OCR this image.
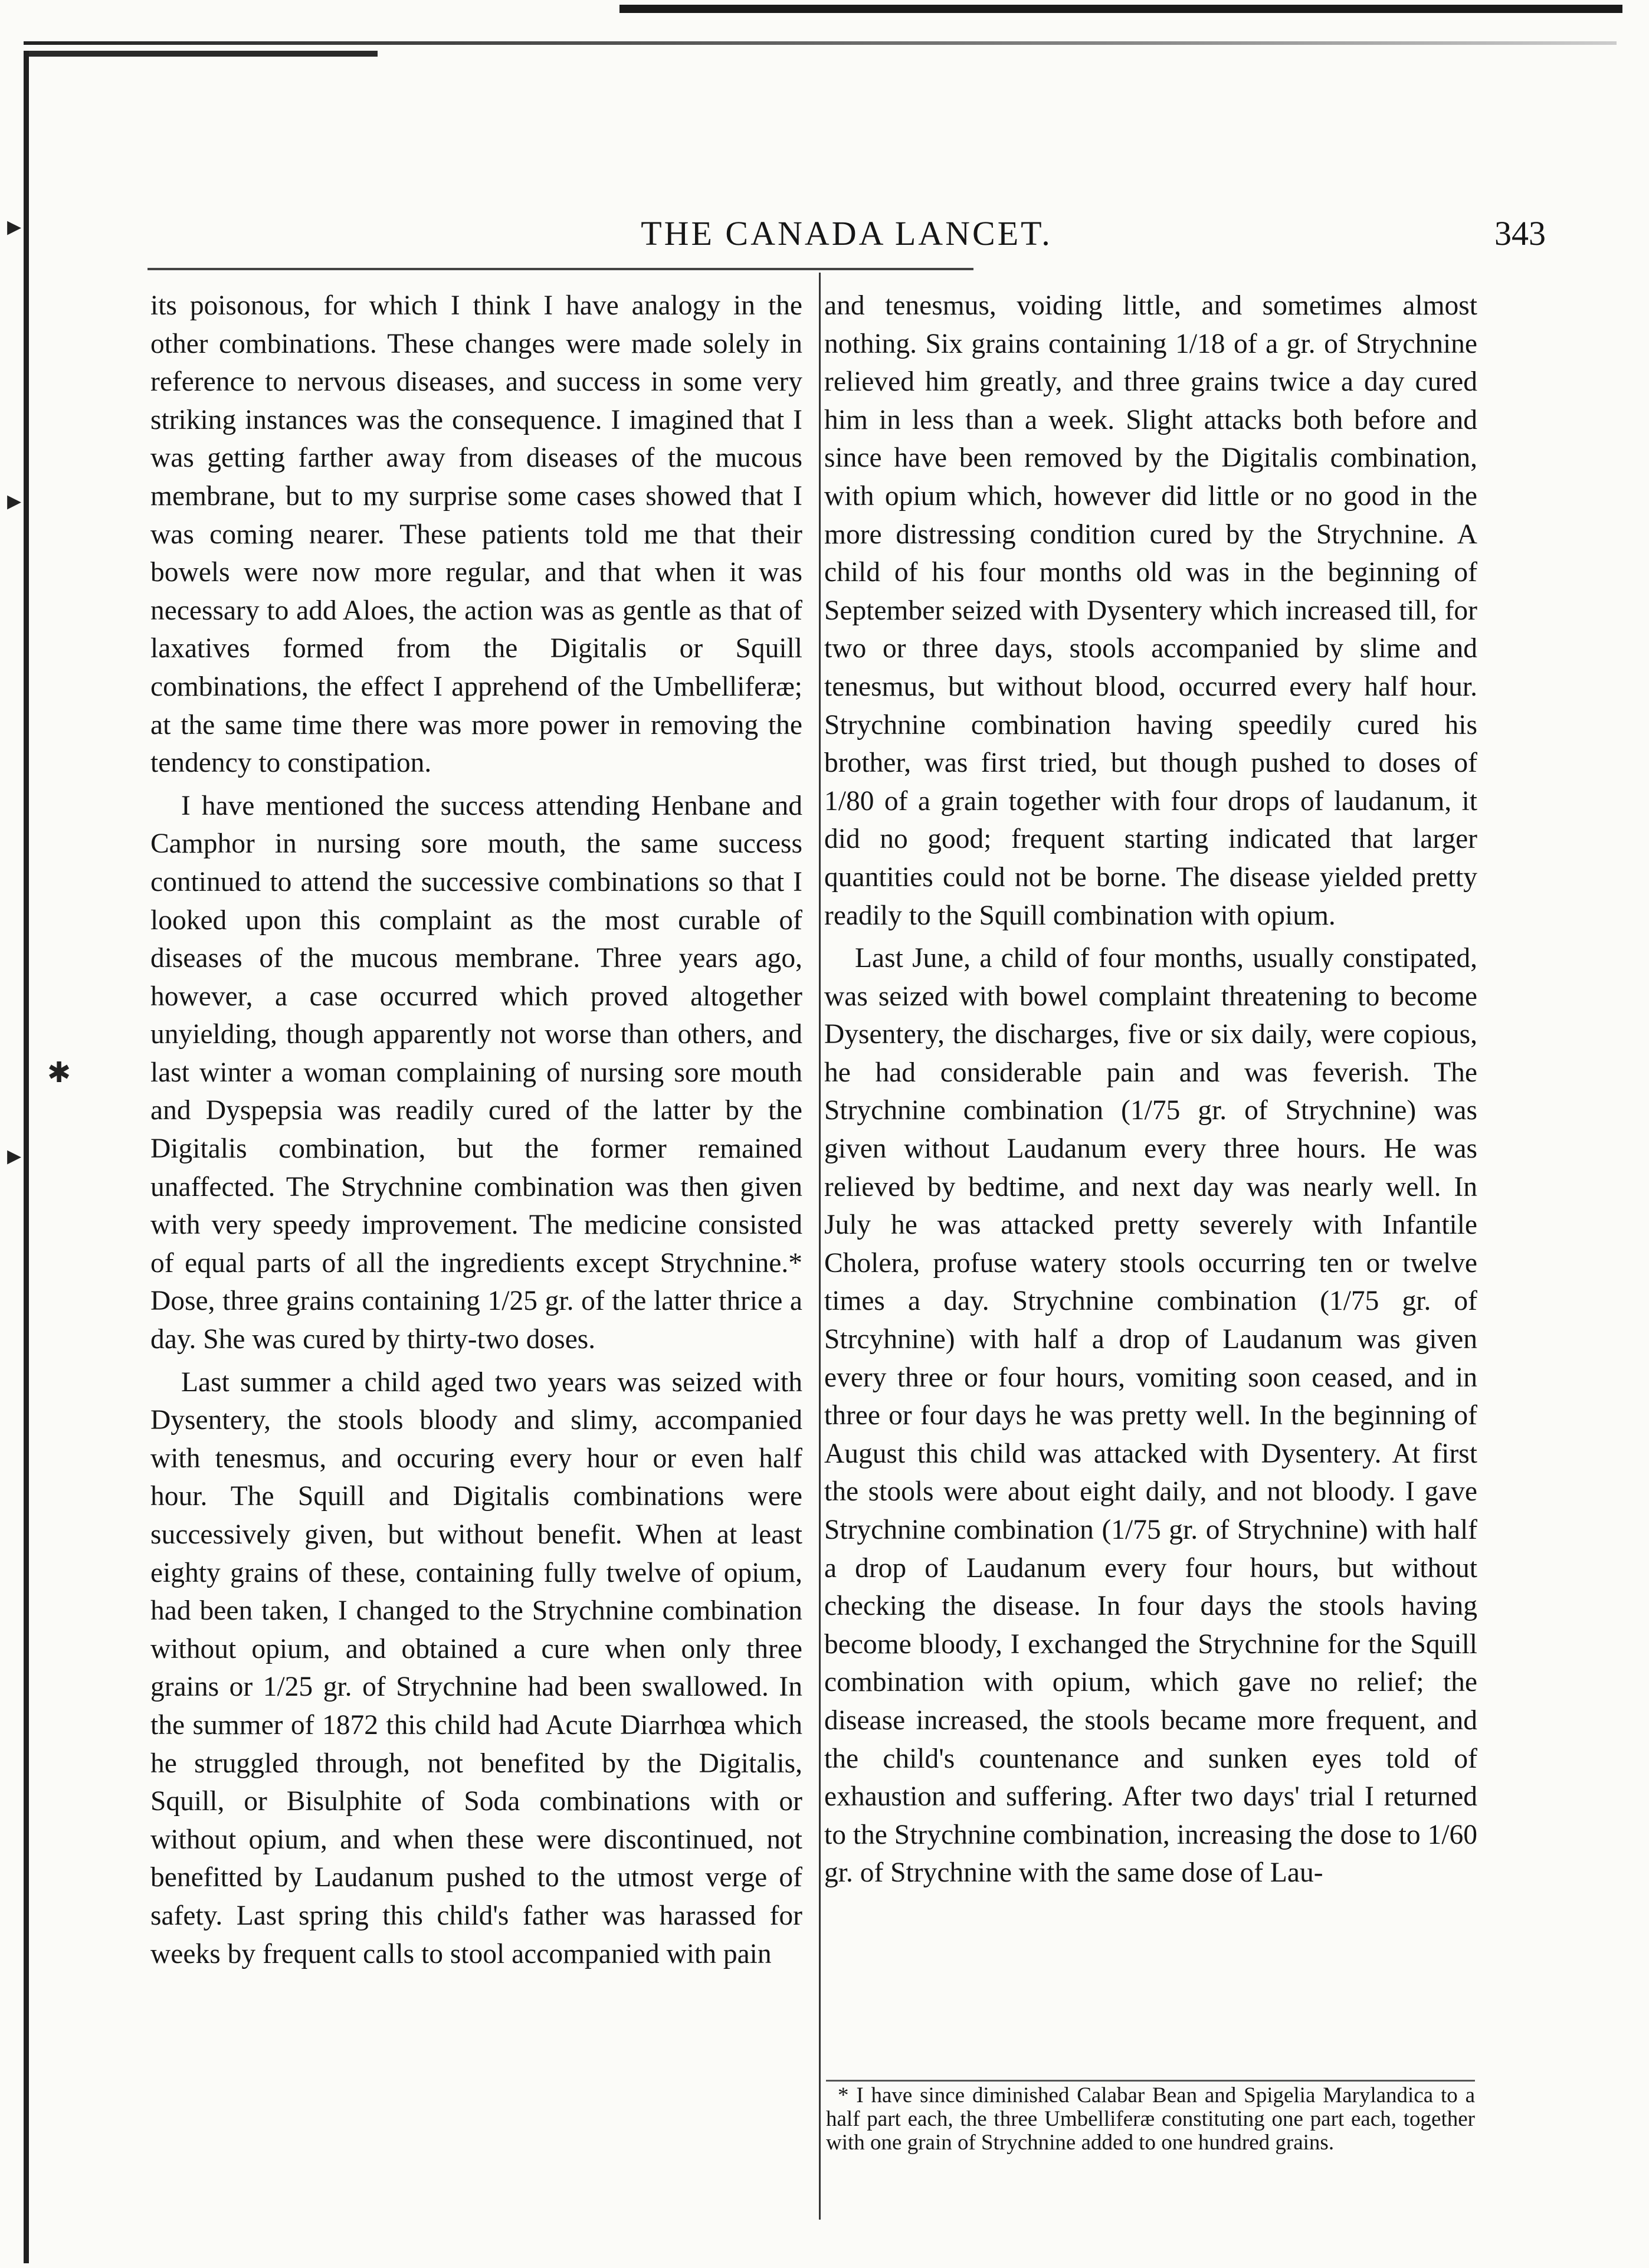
THE CANADA LANCET.	343

its poisonous, for which I think I have analogy in the other combinations. These changes were made solely in reference to nervous diseases, and success in some very striking instances was the consequence. I imagined that I was getting farther away from diseases of the mucous membrane, but to my surprise some cases showed that I was coming nearer. These patients told me that their bowels were now more regular, and that when it was necessary to add Aloes, the action was as gentle as that of laxatives formed from the Digitalis or Squill combinations, the effect I apprehend of the Umbelliferæ; at the same time there was more power in removing the tendency to constipation.

I have mentioned the success attending Henbane and Camphor in nursing sore mouth, the same success continued to attend the successive combinations so that I looked upon this complaint as the most curable of diseases of the mucous membrane. Three years ago, however, a case occurred which proved altogether unyielding, though apparently not worse than others, and last winter a woman complaining of nursing sore mouth and Dyspepsia was readily cured of the latter by the Digitalis combination, but the former remained unaffected. The Strychnine combination was then given with very speedy improvement. The medicine consisted of equal parts of all the ingredients except Strychnine.* Dose, three grains containing 1/25 gr. of the latter thrice a day. She was cured by thirty-two doses.

Last summer a child aged two years was seized with Dysentery, the stools bloody and slimy, accompanied with tenesmus, and occuring every hour or even half hour. The Squill and Digitalis combinations were successively given, but without benefit. When at least eighty grains of these, containing fully twelve of opium, had been taken, I changed to the Strychnine combination without opium, and obtained a cure when only three grains or 1/25 gr. of Strychnine had been swallowed. In the summer of 1872 this child had Acute Diarrhœa which he struggled through, not benefited by the Digitalis, Squill, or Bisulphite of Soda combinations with or without opium, and when these were discontinued, not benefitted by Laudanum pushed to the utmost verge of safety. Last spring this child's father was harassed for weeks by frequent calls to stool accompanied with pain

and tenesmus, voiding little, and sometimes almost nothing. Six grains containing 1/18 of a gr. of Strychnine relieved him greatly, and three grains twice a day cured him in less than a week. Slight attacks both before and since have been removed by the Digitalis combination, with opium which, however did little or no good in the more distressing condition cured by the Strychnine. A child of his four months old was in the beginning of September seized with Dysentery which increased till, for two or three days, stools accompanied by slime and tenesmus, but without blood, occurred every half hour. Strychnine combination having speedily cured his brother, was first tried, but though pushed to doses of 1/80 of a grain together with four drops of laudanum, it did no good; frequent starting indicated that larger quantities could not be borne. The disease yielded pretty readily to the Squill combination with opium.

Last June, a child of four months, usually constipated, was seized with bowel complaint threatening to become Dysentery, the discharges, five or six daily, were copious, he had considerable pain and was feverish. The Strychnine combination (1/75 gr. of Strychnine) was given without Laudanum every three hours. He was relieved by bedtime, and next day was nearly well. In July he was attacked pretty severely with Infantile Cholera, profuse watery stools occurring ten or twelve times a day. Strychnine combination (1/75 gr. of Strcyhnine) with half a drop of Laudanum was given every three or four hours, vomiting soon ceased, and in three or four days he was pretty well. In the beginning of August this child was attacked with Dysentery. At first the stools were about eight daily, and not bloody. I gave Strychnine combination (1/75 gr. of Strychnine) with half a drop of Laudanum every four hours, but without checking the disease. In four days the stools having become bloody, I exchanged the Strychnine for the Squill combination with opium, which gave no relief; the disease increased, the stools became more frequent, and the child's countenance and sunken eyes told of exhaustion and suffering. After two days' trial I returned to the Strychnine combination, increasing the dose to 1/60 gr. of Strychnine with the same dose of Lau-

* I have since diminished Calabar Bean and Spigelia Marylandica to a half part each, the three Umbelliferæ constituting one part each, together with one grain of Strychnine added to one hundred grains.
▸
▸
▸
✱
